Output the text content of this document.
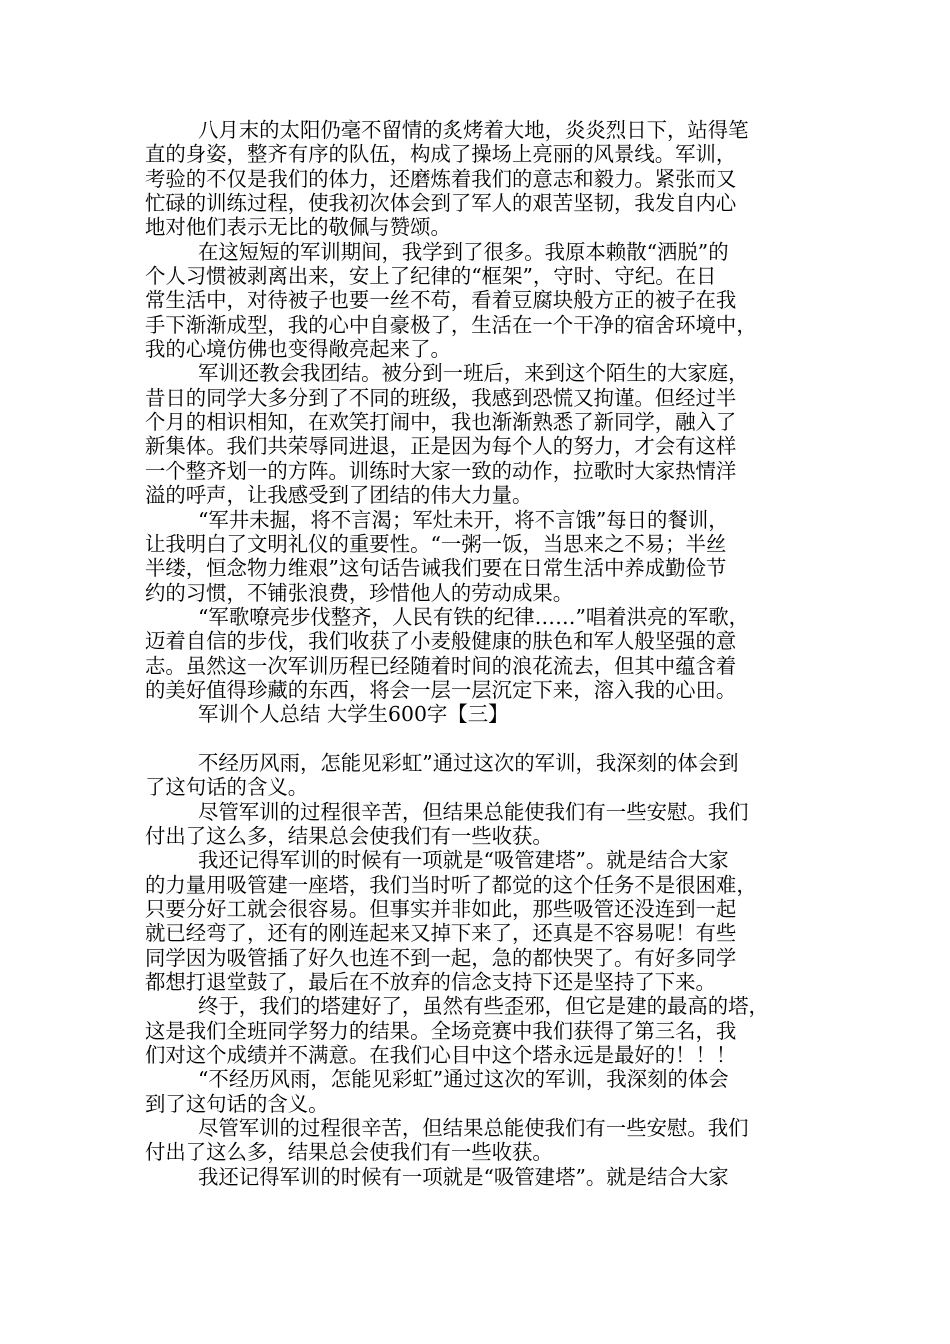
八月末的太阳仍毫不留情的炙烤着大地，炎炎烈日下，站得笔
直的身姿，整齐有序的队伍，构成了操场上亮丽的风景线。军训，
考验的不仅是我们的体力，还磨炼着我们的意志和毅力。紧张而又
忙碌的训练过程，使我初次体会到了军人的艰苦坚韧，我发自内心
地对他们表示无比的敬佩与赞颂。
在这短短的军训期间，我学到了很多。我原本赖散“洒脱”的
个人习惯被剥离出来，安上了纪律的“框架”，守时、守纪。在日
常生活中，对待被子也要一丝不苟，看着豆腐块般方正的被子在我
手下渐渐成型，我的心中自豪极了，生活在一个干净的宿舍环境中，
我的心境仿佛也变得敞亮起来了。
军训还教会我团结。被分到一班后，来到这个陌生的大家庭，
昔日的同学大多分到了不同的班级，我感到恐慌又拘谨。但经过半
个月的相识相知，在欢笑打闹中，我也渐渐熟悉了新同学，融入了
新集体。我们共荣辱同进退，正是因为每个人的努力，才会有这样
一个整齐划一的方阵。训练时大家一致的动作，拉歌时大家热情洋
溢的呼声，让我感受到了团结的伟大力量。
“军井未掘，将不言渴；军灶未开，将不言饿”每日的餐训，
让我明白了文明礼仪的重要性。“一粥一饭，当思来之不易；半丝
半缕，恒念物力维艰”这句话告诫我们要在日常生活中养成勤俭节
约的习惯，不铺张浪费，珍惜他人的劳动成果。
“军歌嘹亮步伐整齐，人民有铁的纪律……”唱着洪亮的军歌，
迈着自信的步伐，我们收获了小麦般健康的肤色和军人般坚强的意
志。虽然这一次军训历程已经随着时间的浪花流去，但其中蕴含着
的美好值得珍藏的东西，将会一层一层沉定下来，溶入我的心田。
军训个人总结 大学生600字【三】
不经历风雨，怎能见彩虹”通过这次的军训，我深刻的体会到
了这句话的含义。
尽管军训的过程很辛苦，但结果总能使我们有一些安慰。我们
付出了这么多，结果总会使我们有一些收获。
我还记得军训的时候有一项就是“吸管建塔”。就是结合大家
的力量用吸管建一座塔，我们当时听了都觉的这个任务不是很困难，
只要分好工就会很容易。但事实并非如此，那些吸管还没连到一起
就已经弯了，还有的刚连起来又掉下来了，还真是不容易呢！有些
同学因为吸管插了好久也连不到一起，急的都快哭了。有好多同学
都想打退堂鼓了，最后在不放弃的信念支持下还是坚持了下来。
终于，我们的塔建好了，虽然有些歪邪，但它是建的最高的塔，
这是我们全班同学努力的结果。全场竞赛中我们获得了第三名，我
们对这个成绩并不满意。在我们心目中这个塔永远是最好的！！！
“不经历风雨，怎能见彩虹”通过这次的军训，我深刻的体会
到了这句话的含义。
尽管军训的过程很辛苦，但结果总能使我们有一些安慰。我们
付出了这么多，结果总会使我们有一些收获。
我还记得军训的时候有一项就是“吸管建塔”。就是结合大家
